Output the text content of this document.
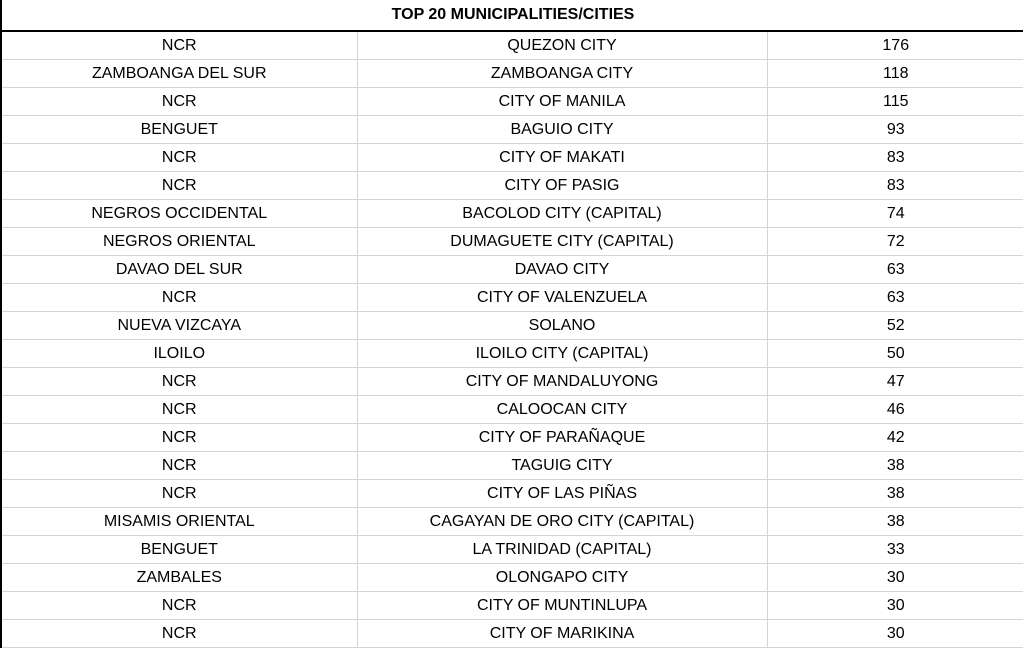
TOP 20 MUNICIPALITIES/CITIES		
NCR	QUEZON CITY	176
ZAMBOANGA DEL SUR	ZAMBOANGA CITY	118
NCR	CITY OF MANILA	115
BENGUET	BAGUIO CITY	93
NCR	CITY OF MAKATI	83
NCR	CITY OF PASIG	83
NEGROS OCCIDENTAL	BACOLOD CITY (CAPITAL)	74
NEGROS ORIENTAL	DUMAGUETE CITY (CAPITAL)	72
DAVAO DEL SUR	DAVAO CITY	63
NCR	CITY OF VALENZUELA	63
NUEVA VIZCAYA	SOLANO	52
ILOILO	ILOILO CITY (CAPITAL)	50
NCR	CITY OF MANDALUYONG	47
NCR	CALOOCAN CITY	46
NCR	CITY OF PARAÑAQUE	42
NCR	TAGUIG CITY	38
NCR	CITY OF LAS PIÑAS	38
MISAMIS ORIENTAL	CAGAYAN DE ORO CITY (CAPITAL)	38
BENGUET	LA TRINIDAD (CAPITAL)	33
ZAMBALES	OLONGAPO CITY	30
NCR	CITY OF MUNTINLUPA	30
NCR	CITY OF MARIKINA	30
